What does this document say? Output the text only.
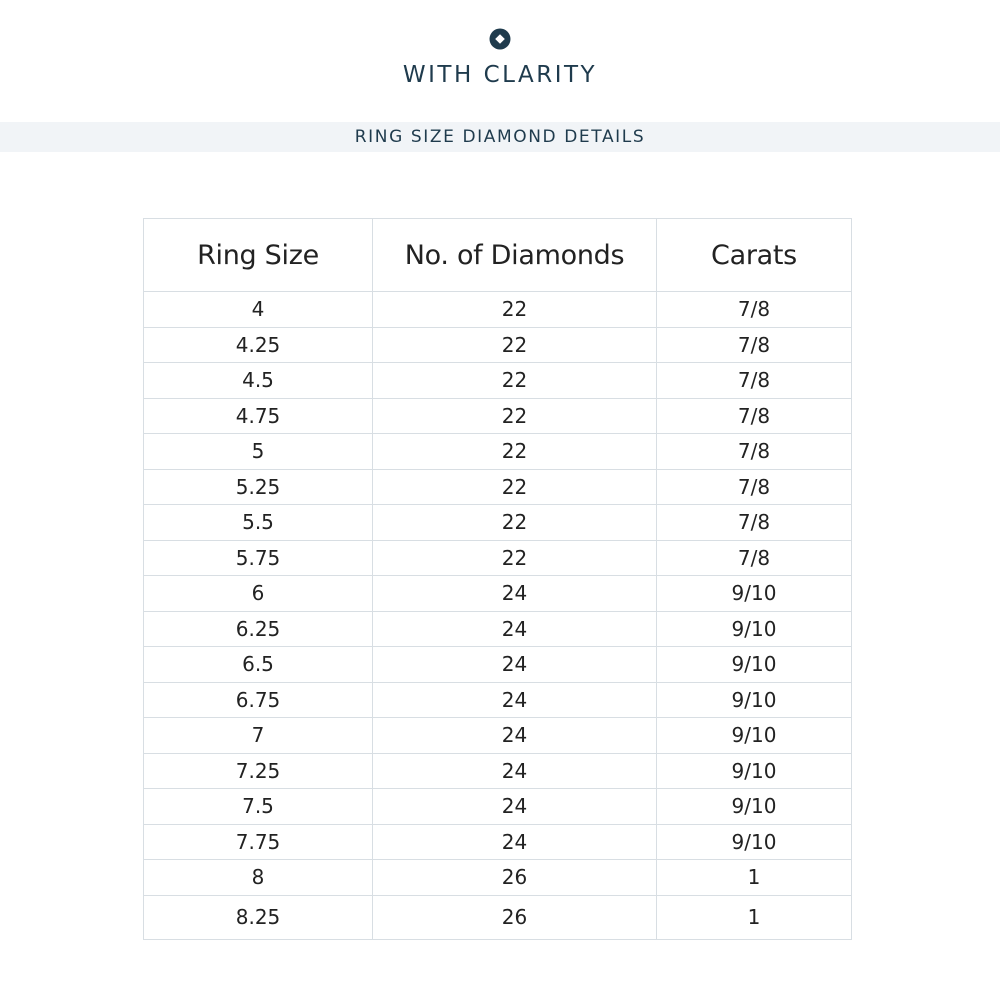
WITH CLARITY
RING SIZE DIAMOND DETAILS
Ring Size	No. of Diamonds	Carats
4	22	7/8
4.25	22	7/8
4.5	22	7/8
4.75	22	7/8
5	22	7/8
5.25	22	7/8
5.5	22	7/8
5.75	22	7/8
6	24	9/10
6.25	24	9/10
6.5	24	9/10
6.75	24	9/10
7	24	9/10
7.25	24	9/10
7.5	24	9/10
7.75	24	9/10
8	26	1
8.25	26	1
